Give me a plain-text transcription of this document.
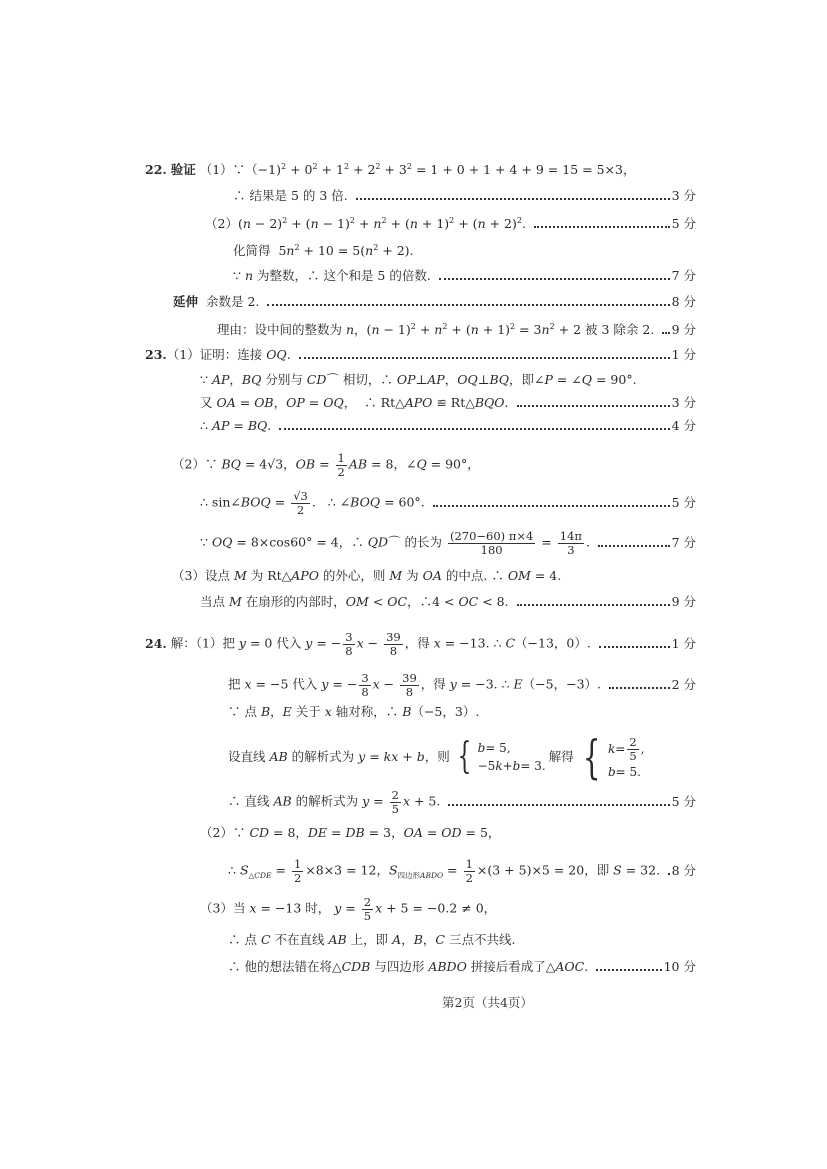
22.
验证
（1）∵（−1)$^2$ + $0^2 + 1^2 + 2^2 + 3^2 = 1 + 0 + 1 + 4 + 9 = 15 = 5\times 3$，
∴ 结果是 5 的 3 倍.	3 分
$(2)(n - 2)^2 + (n - 1)^2 + n^2 + (n + 1)^2 + (n + 2)^2$.	5 分
化简得  $5n^2 + 10 = 5(n^2 + 2)$.
∵ n 为整数，∴ 这个和是 5 的倍数.	7 分
延伸
余数是 2.	8 分
理由：设中间的整数为 n，$(n - 1)^2 + n^2 + (n + 1)^2 = 3n^2 + 2$ 被 3 除余 2. 9 分
23. （1）证明：连接 OQ.	1 分
∵ AP，BQ 分别与 CD⌒ 相切，∴ OP⊥AP，OQ⊥BQ，即∠P = ∠Q = 90°.
又 OA = OB，OP = OQ，  ∴ Rt△APO ≌ Rt△BQO.	3 分
∴ AP = BQ.	4 分
（2）∵ BQ = 4√3，OB = $\frac{1}{2}$ AB = 8，∠Q = 90°，
∴ sin∠BOQ = $\frac{√3}{2}$ .   ∴ ∠BOQ = 60°.	5 分
∵ OQ = 8×cos60° = 4，∴ QD⌒ 的长为 $\frac{(270-60) \pi\times 4}{180} = \frac{14\pi}{3}$ .	7 分
（3）设点 M 为 Rt△APO 的外心，则 M 为 OA 的中点. ∴ OM = 4.
当点 M 在扇形的内部时，OM < OC，∴4 < OC < 8.	9 分
24. 解：（1）把 y = 0 代入 y = − $\frac{3}{8}$ $x - \frac{39}{8}$ ，得 x = −13. ∴ C（−13，0）.	1 分
把 x = −5 代入 y = − $\frac{3}{8}$ $x - \frac{39}{8}$ ，得 y = −3. ∴ E（−5，−3）.	2 分
∵ 点 B，E 关于 x 轴对称，∴ B（−5，3）.
设直线 AB 的解析式为 y = kx + b，则 { b = 5,
−5 k + b = 3.
解得 { $k = \frac{2}{5}$ ,
b = 5.
∴ 直线 AB 的解析式为 $y = \frac{2}{5}$ x + 5.	5 分
（2）∵ CD = 8，DE = DB = 3，OA = OD = 5，
∴ $S_{\triangle CDE} = \frac{1}{2} \times 8\times 3 = 12$，$S_{四边形ABDO} = \frac{1}{2} \times(3 + 5)\times 5 = 20$，即 S = 32. 8 分
（3）当 x = −13 时， $y = \frac{2}{5}$ x + 5 = −0.2 ≠ 0，
∴ 点 C 不在直线 AB 上，即 A，B，C 三点不共线.
∴ 他的想法错在将△CDB 与四边形 ABDO 拼接后看成了△AOC.	10 分
第2页（共4页）
